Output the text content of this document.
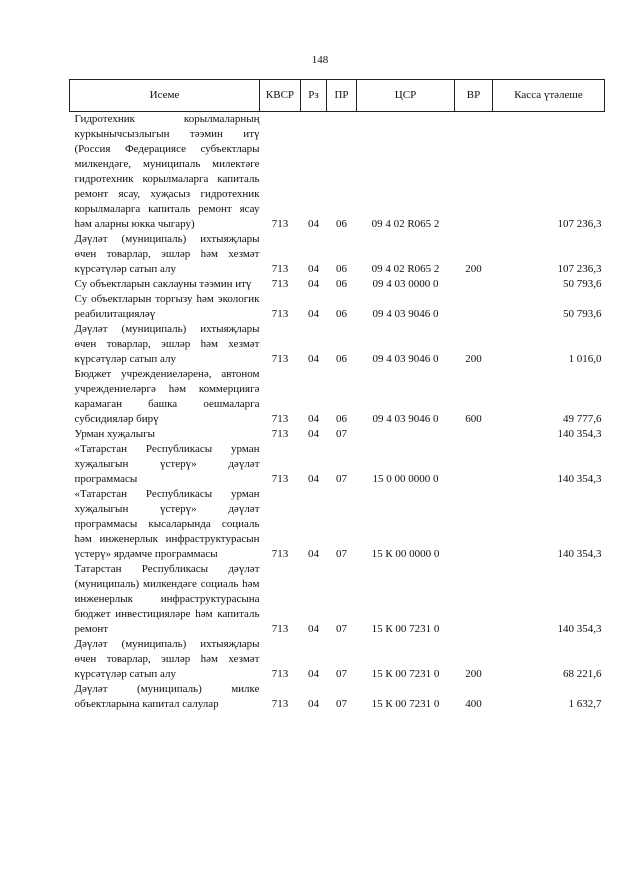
148
Исеме	КВСР	Рз	ПР	ЦСР	ВР	Касса үтәлеше
Гидротехник корылмаларның куркынычсызлыгын тәэмин итү (Россия Федерациясе субъектлары милкендәге, муниципаль милектәге гидротехник корылмаларга капиталь ремонт ясау, хуҗасыз гидротехник корылмаларга капиталь ремонт ясау һәм аларны юкка чыгару)	713	04	06	09 4 02 R065 2		107 236,3
Дәүләт (муниципаль) ихтыяҗлары өчен товарлар, эшләр һәм хезмәт күрсәтүләр сатып алу	713	04	06	09 4 02 R065 2	200	107 236,3
Су объектларын саклауны тәэмин итү	713	04	06	09 4 03 0000 0		50 793,6
Су объектларын торгызу һәм экологик реабилитацияләү	713	04	06	09 4 03 9046 0		50 793,6
Дәүләт (муниципаль) ихтыяҗлары өчен товарлар, эшләр һәм хезмәт күрсәтүләр сатып алу	713	04	06	09 4 03 9046 0	200	1 016,0
Бюджет учреждениеләренә, автоном учреждениеләргә һәм коммерциягә карамаган башка оешмаларга субсидияләр бирү	713	04	06	09 4 03 9046 0	600	49 777,6
Урман хуҗалыгы	713	04	07			140 354,3
«Татарстан Республикасы урман хуҗалыгын үстерү» дәүләт программасы	713	04	07	15 0 00 0000 0		140 354,3
«Татарстан Республикасы урман хуҗалыгын үстерү» дәүләт программасы кысаларында социаль һәм инженерлык инфраструктурасын үстерү» ярдәмче программасы	713	04	07	15 К 00 0000 0		140 354,3
Татарстан Республикасы дәүләт (муниципаль) милкендәге социаль һәм инженерлык инфраструктурасына бюджет инвестицияләре һәм капиталь ремонт	713	04	07	15 К 00 7231 0		140 354,3
Дәүләт (муниципаль) ихтыяҗлары өчен товарлар, эшләр һәм хезмәт күрсәтүләр сатып алу	713	04	07	15 К 00 7231 0	200	68 221,6
Дәүләт (муниципаль) милке объектларына капитал салулар	713	04	07	15 К 00 7231 0	400	1 632,7
